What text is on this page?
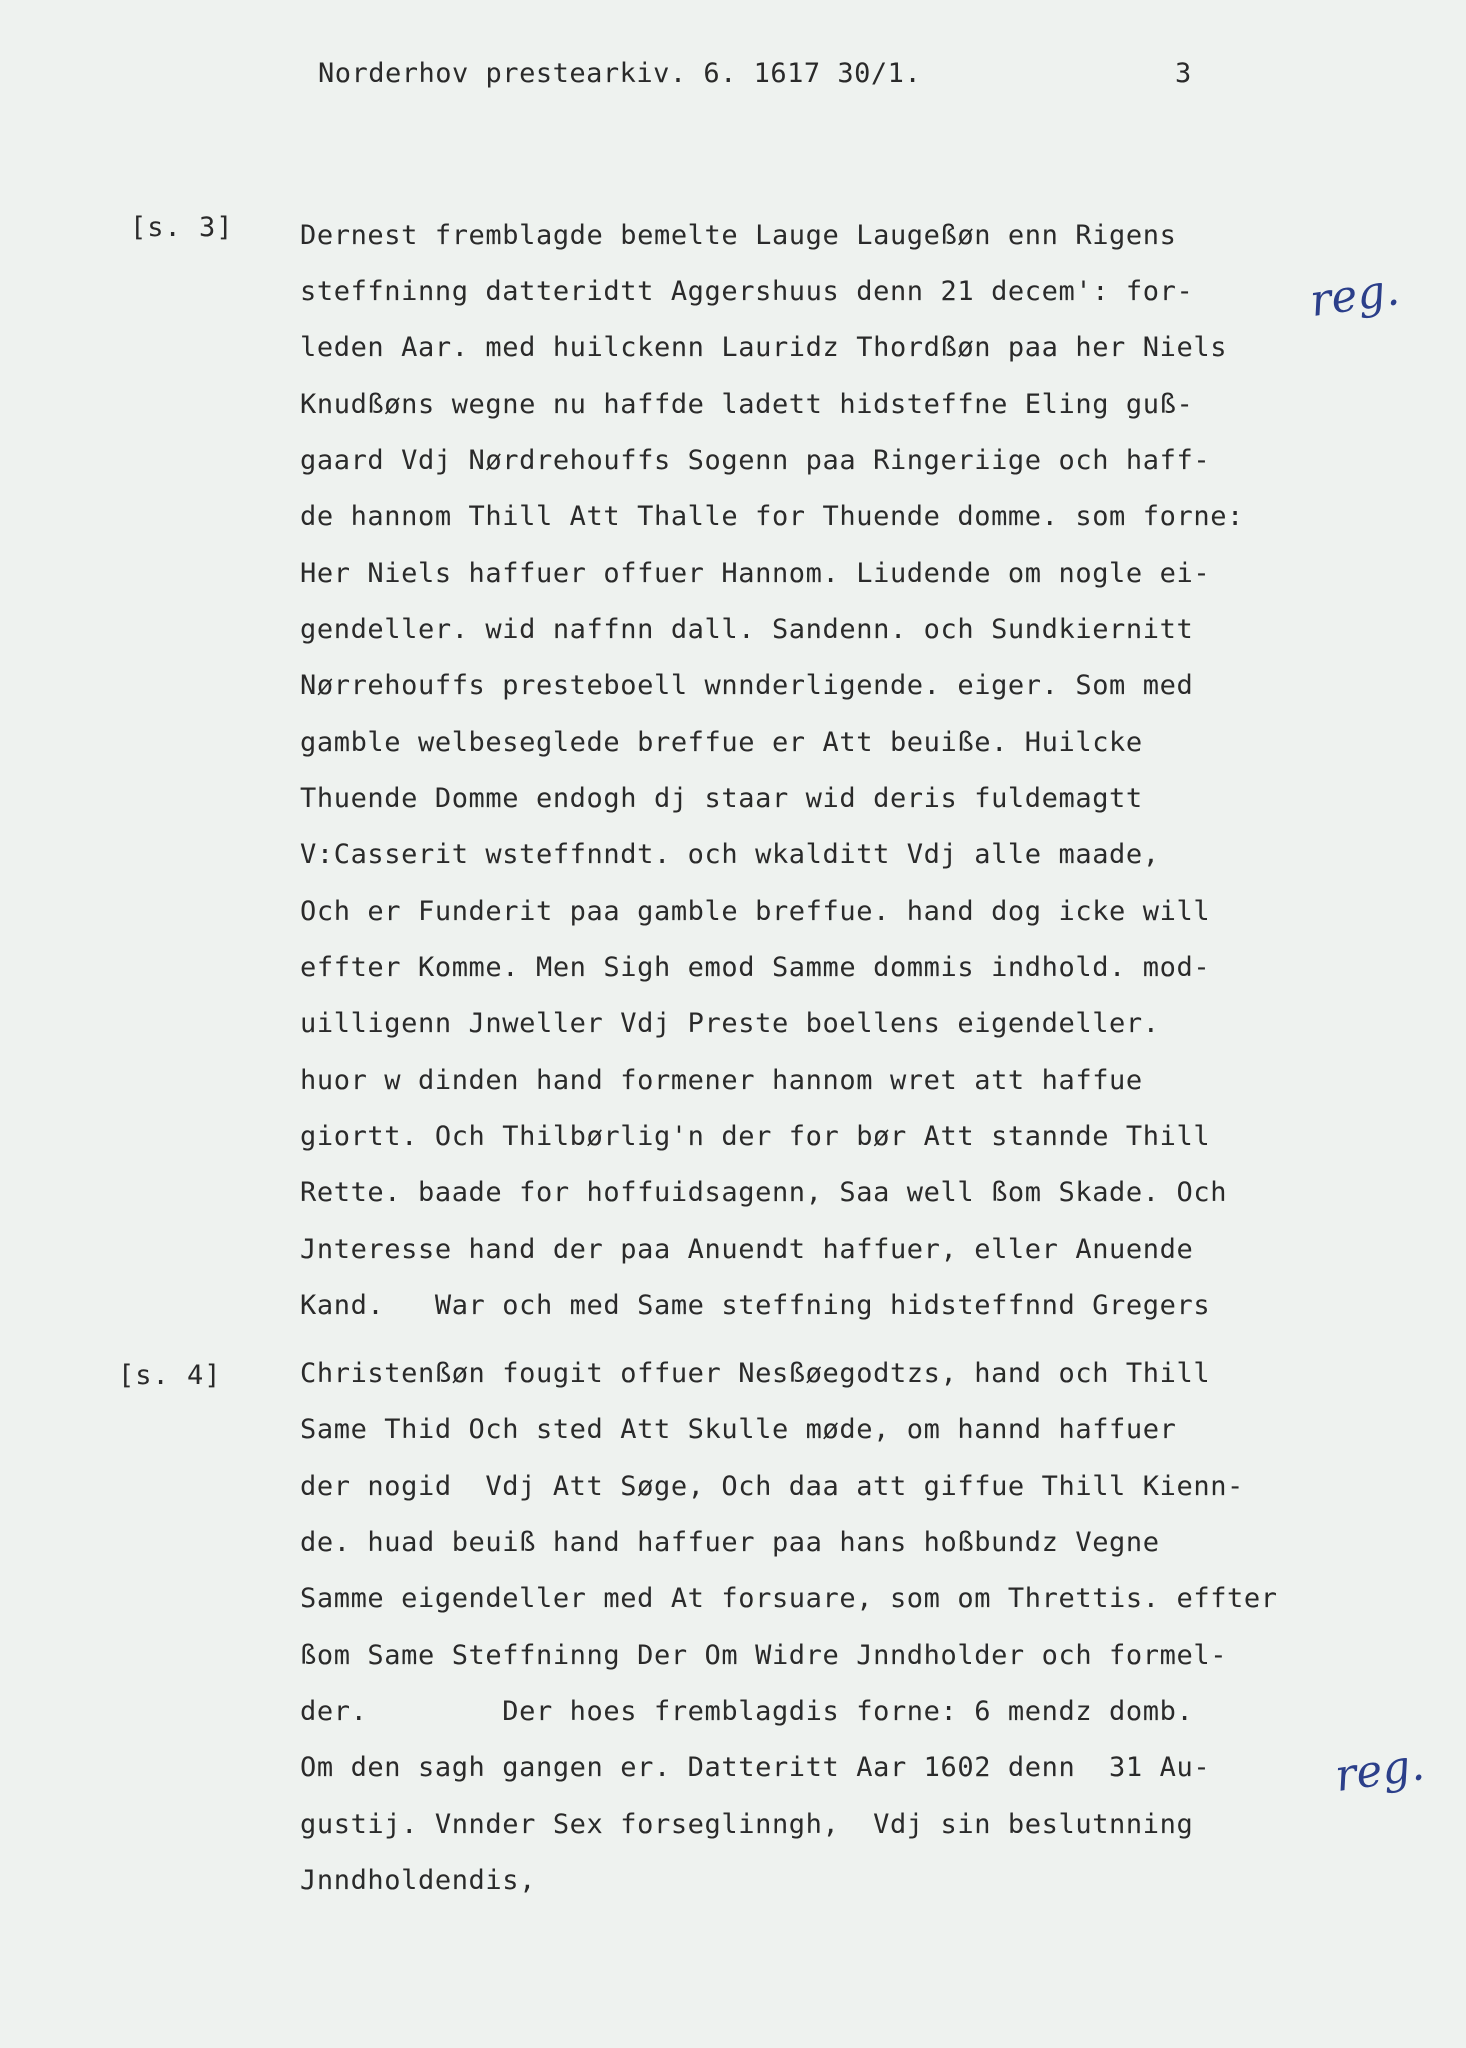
Norderhov prestearkiv. 6. 1617 30/1.	3
[s. 3]
[s. 4]
reg.
reg.
Dernest fremblagde bemelte Lauge Laugeßøn enn Rigens
steffninng datteridtt Aggershuus denn 21 decem': for-
leden Aar. med huilckenn Lauridz Thordßøn paa her Niels
Knudßøns wegne nu haffde ladett hidsteffne Eling guß-
gaard Vdj Nørdrehouffs Sogenn paa Ringeriige och haff-
de hannom Thill Att Thalle for Thuende domme. som forne:
Her Niels haffuer offuer Hannom. Liudende om nogle ei-
gendeller. wid naffnn dall. Sandenn. och Sundkiernitt
Nørrehouffs presteboell wnnderligende. eiger. Som med
gamble welbeseglede breffue er Att beuiße. Huilcke
Thuende Domme endogh dj staar wid deris fuldemagtt
V:Casserit wsteffnndt. och wkalditt Vdj alle maade,
Och er Funderit paa gamble breffue. hand dog icke will
effter Komme. Men Sigh emod Samme dommis indhold. mod-
uilligenn Jnweller Vdj Preste boellens eigendeller.
huor w dinden hand formener hannom wret att haffue
giortt. Och Thilbørlig'n der for bør Att stannde Thill
Rette. baade for hoffuidsagenn, Saa well ßom Skade. Och
Jnteresse hand der paa Anuendt haffuer, eller Anuende
Kand.   War och med Same steffning hidsteffnnd Gregers
Christenßøn fougit offuer Nesßøegodtzs, hand och Thill
Same Thid Och sted Att Skulle møde, om hannd haffuer
der nogid  Vdj Att Søge, Och daa att giffue Thill Kienn-
de. huad beuiß hand haffuer paa hans hoßbundz Vegne
Samme eigendeller med At forsuare, som om Threttis. effter
ßom Same Steffninng Der Om Widre Jnndholder och formel-
der.        Der hoes fremblagdis forne: 6 mendz domb.
Om den sagh gangen er. Datteritt Aar 1602 denn  31 Au-
gustij. Vnnder Sex forseglinngh,  Vdj sin beslutnning
Jnndholdendis,
